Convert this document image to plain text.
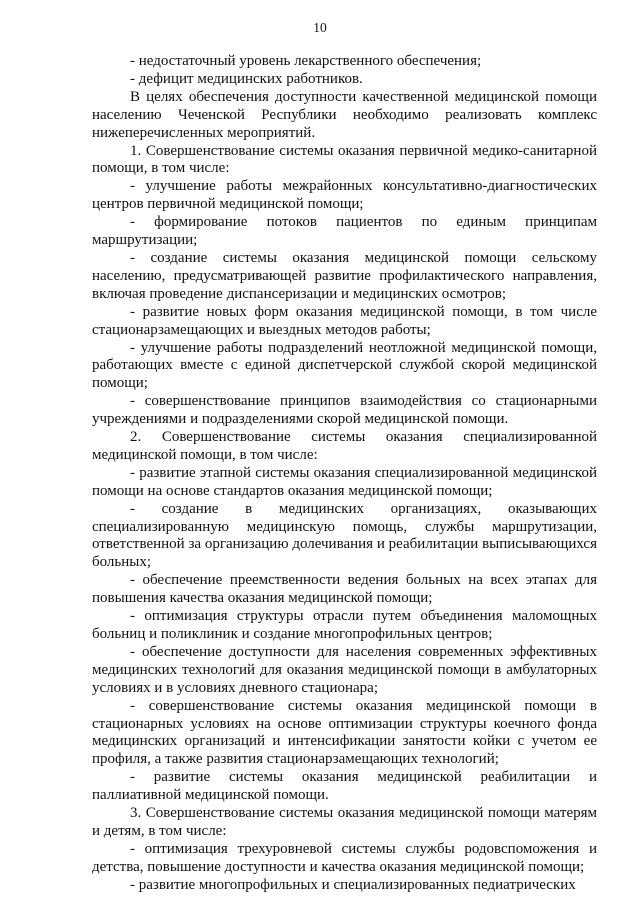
10

- недостаточный уровень лекарственного обеспечения;

- дефицит медицинских работников.

В целях обеспечения доступности качественной медицинской помощи населению Чеченской Республики необходимо реализовать комплекс нижеперечисленных мероприятий.

1. Совершенствование системы оказания первичной медико-санитарной помощи, в том числе:

- улучшение работы межрайонных консультативно-диагностических центров первичной медицинской помощи;

- формирование потоков пациентов по единым принципам маршрутизации;

- создание системы оказания медицинской помощи сельскому населению, предусматривающей развитие профилактического направления, включая проведение диспансеризации и медицинских осмотров;

- развитие новых форм оказания медицинской помощи, в том числе стационарзамещающих и выездных методов работы;

- улучшение работы подразделений неотложной медицинской помощи, работающих вместе с единой диспетчерской службой скорой медицинской помощи;

- совершенствование принципов взаимодействия со стационарными учреждениями и подразделениями скорой медицинской помощи.

2. Совершенствование системы оказания специализированной медицинской помощи, в том числе:

- развитие этапной системы оказания специализированной медицинской помощи на основе стандартов оказания медицинской помощи;

- создание в медицинских организациях, оказывающих специализированную медицинскую помощь, службы маршрутизации, ответственной за организацию долечивания и реабилитации выписывающихся больных;

- обеспечение преемственности ведения больных на всех этапах для повышения качества оказания медицинской помощи;

- оптимизация структуры отрасли путем объединения маломощных больниц и поликлиник и создание многопрофильных центров;

- обеспечение доступности для населения современных эффективных медицинских технологий для оказания медицинской помощи в амбулаторных условиях и в условиях дневного стационара;

- совершенствование системы оказания медицинской помощи в стационарных условиях на основе оптимизации структуры коечного фонда медицинских организаций и интенсификации занятости койки с учетом ее профиля, а также развития стационарзамещающих технологий;

- развитие системы оказания медицинской реабилитации и паллиативной медицинской помощи.

3. Совершенствование системы оказания медицинской помощи матерям и детям, в том числе:

- оптимизация трехуровневой системы службы родовспоможения и детства, повышение доступности и качества оказания медицинской помощи;

- развитие многопрофильных и специализированных педиатрических
